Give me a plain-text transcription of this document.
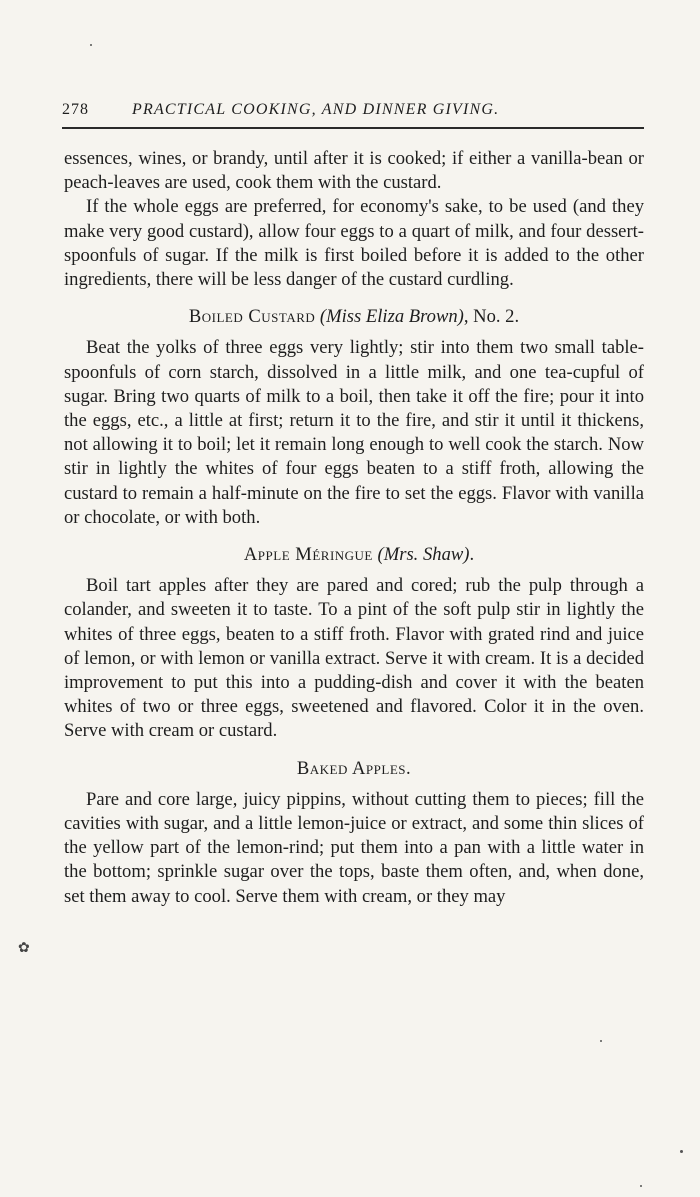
278	PRACTICAL COOKING, AND DINNER GIVING.

essences, wines, or brandy, until after it is cooked; if either a vanilla-bean or peach-leaves are used, cook them with the custard.

If the whole eggs are preferred, for economy's sake, to be used (and they make very good custard), allow four eggs to a quart of milk, and four dessert-spoonfuls of sugar. If the milk is first boiled before it is added to the other ingredients, there will be less danger of the custard curdling.

Boiled Custard (Miss Eliza Brown), No. 2.

Beat the yolks of three eggs very lightly; stir into them two small table-spoonfuls of corn starch, dissolved in a little milk, and one tea-cupful of sugar. Bring two quarts of milk to a boil, then take it off the fire; pour it into the eggs, etc., a little at first; return it to the fire, and stir it until it thickens, not allowing it to boil; let it remain long enough to well cook the starch. Now stir in lightly the whites of four eggs beaten to a stiff froth, allowing the custard to remain a half-minute on the fire to set the eggs. Flavor with vanilla or chocolate, or with both.

Apple Méringue (Mrs. Shaw).

Boil tart apples after they are pared and cored; rub the pulp through a colander, and sweeten it to taste. To a pint of the soft pulp stir in lightly the whites of three eggs, beaten to a stiff froth. Flavor with grated rind and juice of lemon, or with lemon or vanilla extract. Serve it with cream. It is a decided improvement to put this into a pudding-dish and cover it with the beaten whites of two or three eggs, sweetened and flavored. Color it in the oven. Serve with cream or custard.

Baked Apples.

Pare and core large, juicy pippins, without cutting them to pieces; fill the cavities with sugar, and a little lemon-juice or extract, and some thin slices of the yellow part of the lemon-rind; put them into a pan with a little water in the bottom; sprinkle sugar over the tops, baste them often, and, when done, set them away to cool. Serve them with cream, or they may

✿
